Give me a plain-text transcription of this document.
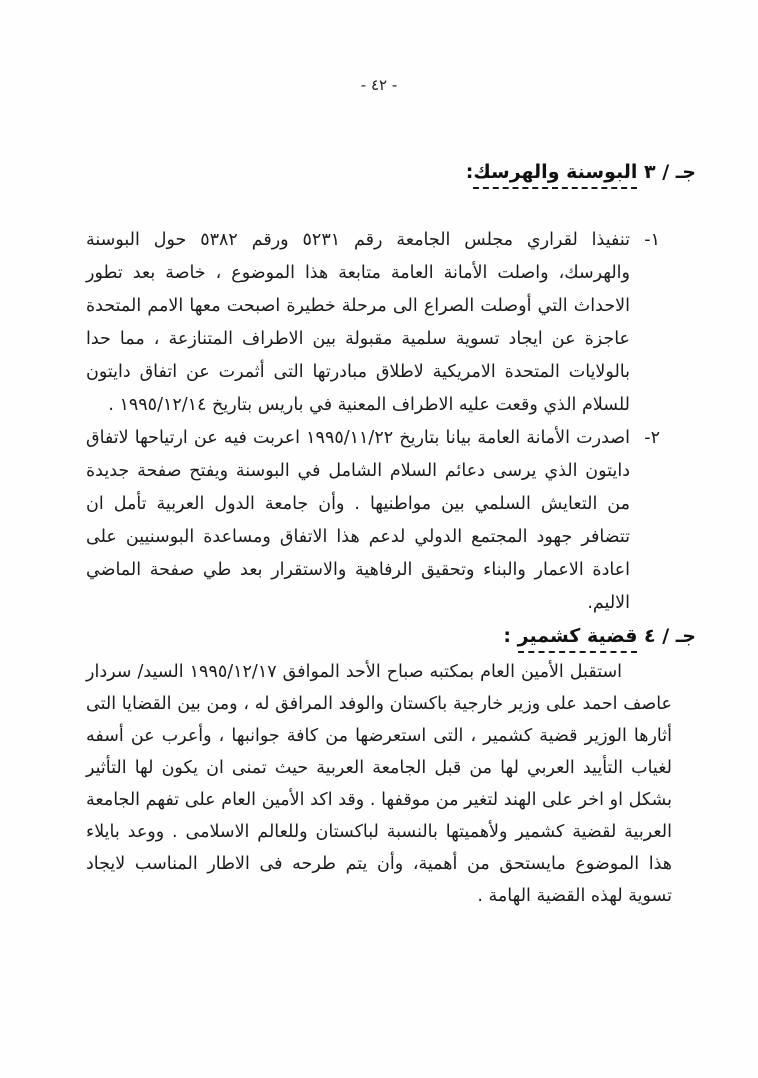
- ٤٢ -
جـ / ٣ البوسنة والهرسك:
١-
تنفيذا لقراري مجلس الجامعة رقم ٥٢٣١ ورقم ٥٣٨٢ حول البوسنة والهرسك، واصلت الأمانة العامة متابعة هذا الموضوع ، خاصة بعد تطور الاحداث التي أوصلت الصراع الى مرحلة خطيرة اصبحت معها الامم المتحدة عاجزة عن ايجاد تسوية سلمية مقبولة بين الاطراف المتنازعة ، مما حدا بالولايات المتحدة الامريكية لاطلاق مبادرتها التى أثمرت عن اتفاق دايتون للسلام الذي وقعت عليه الاطراف المعنية في باريس بتاريخ ١٩٩٥/١٢/١٤ .
٢-
اصدرت الأمانة العامة بيانا بتاريخ ١٩٩٥/١١/٢٢ اعربت فيه عن ارتياحها لاتفاق دايتون الذي يرسى دعائم السلام الشامل في البوسنة ويفتح صفحة جديدة من التعايش السلمي بين مواطنيها . وأن جامعة الدول العربية تأمل ان تتضافر جهود المجتمع الدولي لدعم هذا الاتفاق ومساعدة البوسنيين على اعادة الاعمار والبناء وتحقيق الرفاهية والاستقرار بعد طي صفحة الماضي الاليم.
جـ / ٤ قضية كشمير :
استقبل الأمين العام بمكتبه صباح الأحد الموافق ١٩٩٥/١٢/١٧ السيد/ سردار عاصف احمد على وزير خارجية باكستان والوفد المرافق له ، ومن بين القضايا التى أثارها الوزير قضية كشمير ، التى استعرضها من كافة جوانبها ، وأعرب عن أسفه لغياب التأييد العربي لها من قبل الجامعة العربية حيث تمنى ان يكون لها التأثير بشكل او اخر على الهند لتغير من موقفها . وقد اكد الأمين العام على تفهم الجامعة العربية لقضية كشمير ولأهميتها بالنسبة لباكستان وللعالم الاسلامى . ووعد بايلاء هذا الموضوع مايستحق من أهمية، وأن يتم طرحه فى الاطار المناسب لايجاد تسوية لهذه القضية الهامة .
